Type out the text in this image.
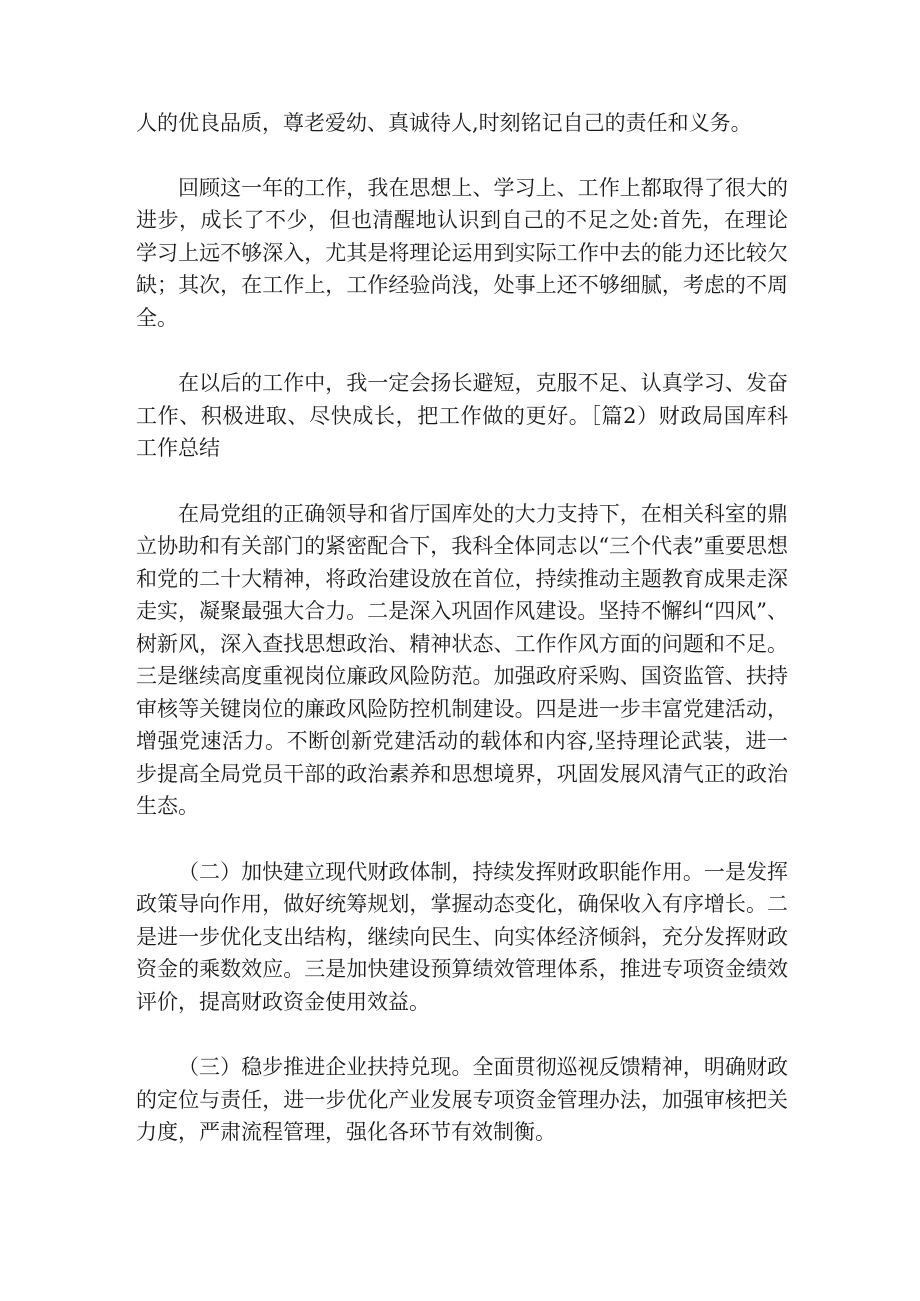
人的优良品质，尊老爱幼、真诚待人,时刻铭记自己的责任和义务。

回顾这一年的工作，我在思想上、学习上、工作上都取得了很大的进步，成长了不少，但也清醒地认识到自己的不足之处:首先，在理论学习上远不够深入，尤其是将理论运用到实际工作中去的能力还比较欠缺；其次，在工作上，工作经验尚浅，处事上还不够细腻，考虑的不周全。

在以后的工作中，我一定会扬长避短，克服不足、认真学习、发奋工作、积极进取、尽快成长，把工作做的更好。［篇2）财政局国库科工作总结

在局党组的正确领导和省厅国库处的大力支持下，在相关科室的鼎立协助和有关部门的紧密配合下，我科全体同志以“三个代表”重要思想和党的二十大精神，将政治建设放在首位，持续推动主题教育成果走深走实，凝聚最强大合力。二是深入巩固作风建设。坚持不懈纠“四风”、树新风，深入查找思想政治、精神状态、工作作风方面的问题和不足。三是继续高度重视岗位廉政风险防范。加强政府采购、国资监管、扶持审核等关键岗位的廉政风险防控机制建设。四是进一步丰富党建活动，增强党速活力。不断创新党建活动的载体和内容,坚持理论武装，进一步提高全局党员干部的政治素养和思想境界，巩固发展风清气正的政治生态。

（二）加快建立现代财政体制，持续发挥财政职能作用。一是发挥政策导向作用，做好统筹规划，掌握动态变化，确保收入有序增长。二是进一步优化支出结构，继续向民生、向实体经济倾斜，充分发挥财政资金的乘数效应。三是加快建设预算绩效管理体系，推进专项资金绩效评价，提高财政资金使用效益。

（三）稳步推进企业扶持兑现。全面贯彻巡视反馈精神，明确财政的定位与责任，进一步优化产业发展专项资金管理办法，加强审核把关力度，严肃流程管理，强化各环节有效制衡。
